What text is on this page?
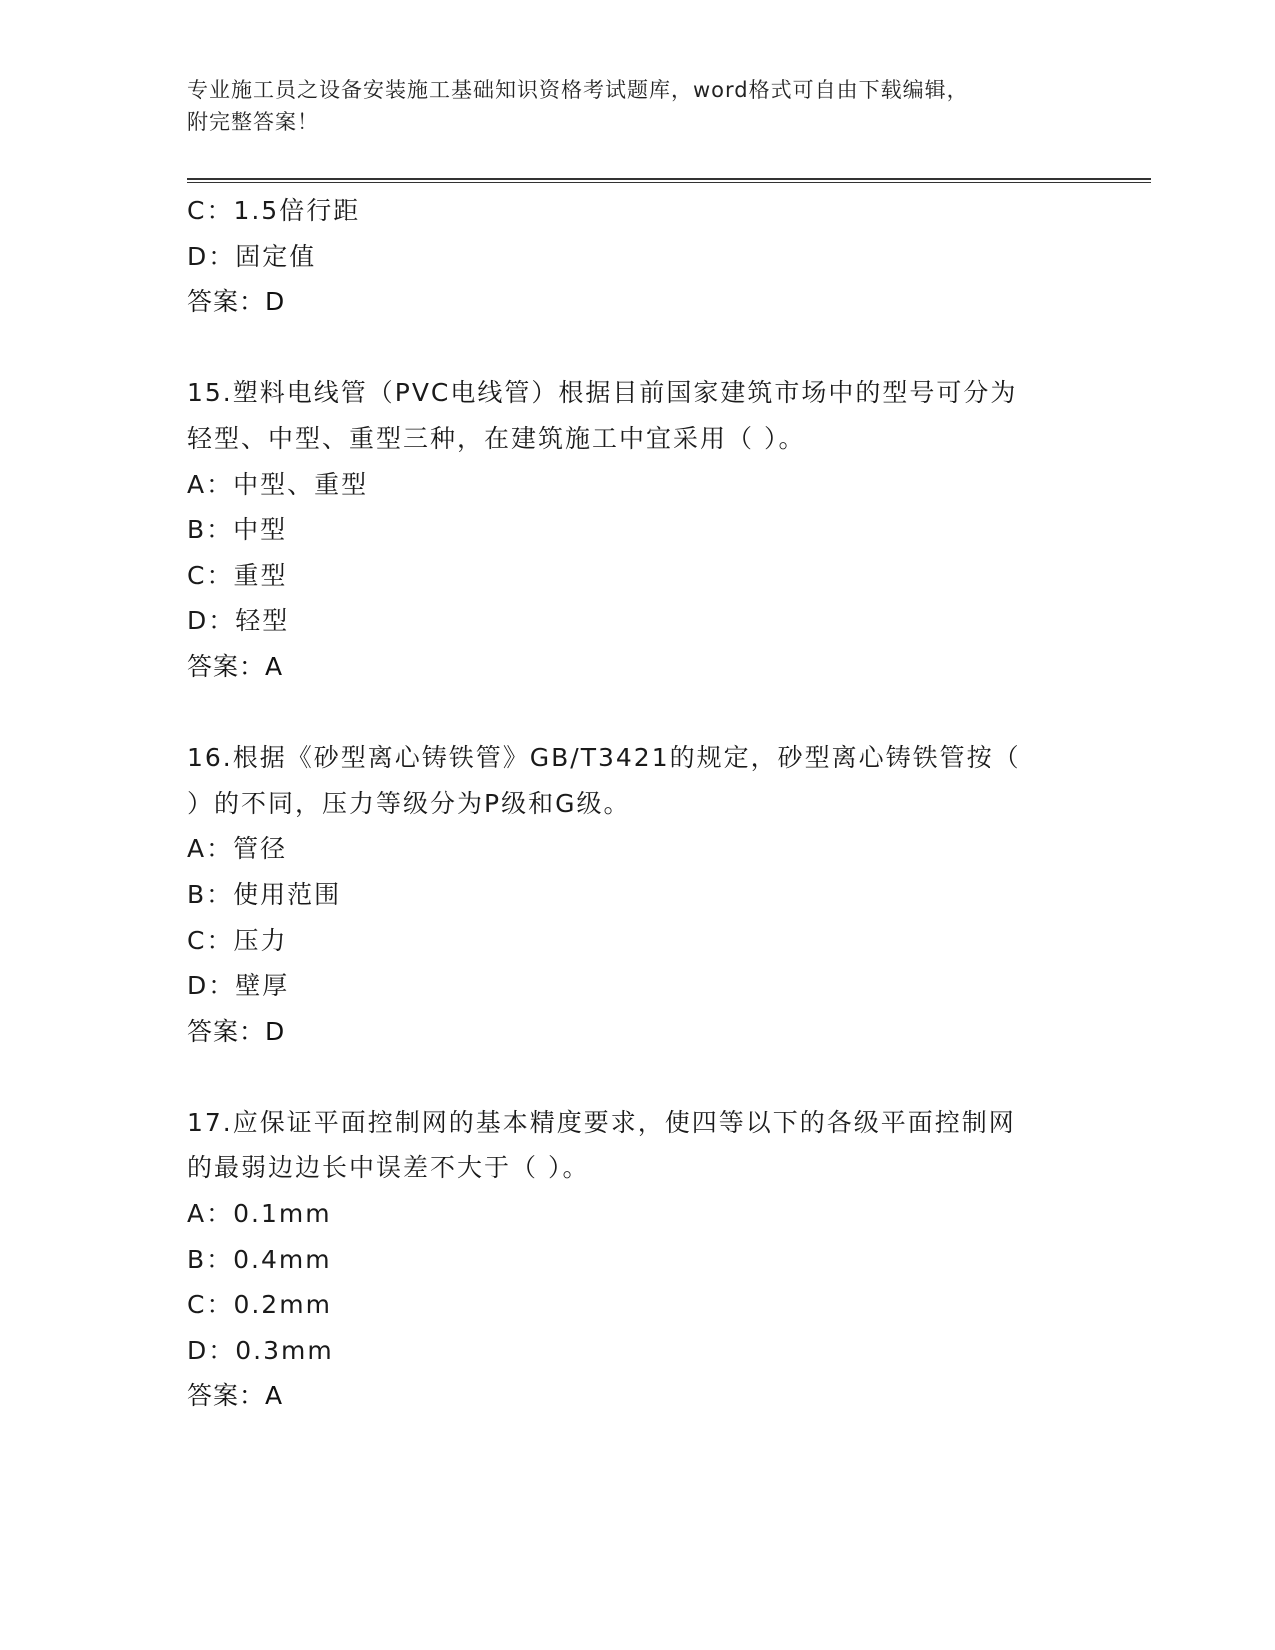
专业施工员之设备安装施工基础知识资格考试题库，word格式可自由下载编辑，
附完整答案！
C：1.5倍行距
D：固定值
答案：D
15.塑料电线管（PVC电线管）根据目前国家建筑市场中的型号可分为
轻型、中型、重型三种，在建筑施工中宜采用（ ）。
A：中型、重型
B：中型
C：重型
D：轻型
答案：A
16.根据《砂型离心铸铁管》GB/T3421的规定，砂型离心铸铁管按（
）的不同，压力等级分为P级和G级。
A：管径
B：使用范围
C：压力
D：壁厚
答案：D
17.应保证平面控制网的基本精度要求，使四等以下的各级平面控制网
的最弱边边长中误差不大于（ ）。
A：0.1mm
B：0.4mm
C：0.2mm
D：0.3mm
答案：A
